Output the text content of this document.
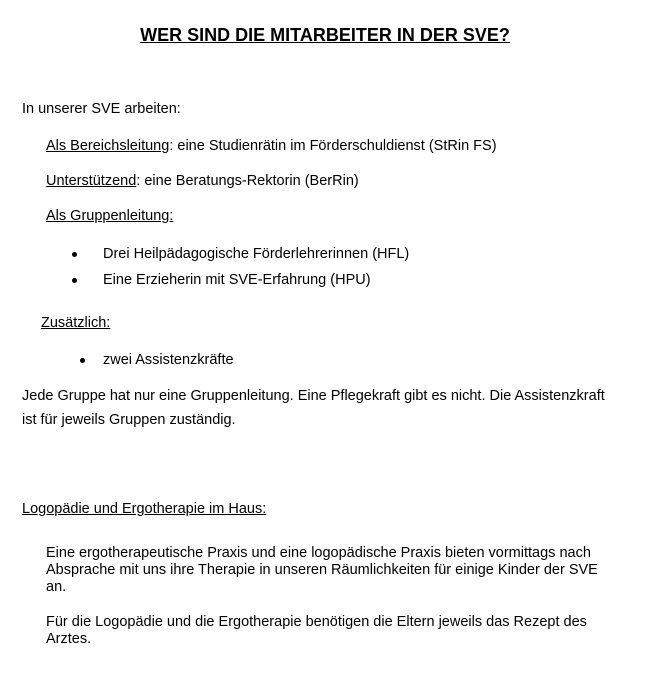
WER SIND DIE MITARBEITER IN DER SVE?
In unserer SVE arbeiten:
Als Bereichsleitung: eine Studienrätin im Förderschuldienst (StRin FS)
Unterstützend: eine Beratungs-Rektorin (BerRin)
Als Gruppenleitung:
Drei Heilpädagogische Förderlehrerinnen (HFL)
Eine Erzieherin mit SVE-Erfahrung (HPU)
Zusätzlich:
zwei Assistenzkräfte
Jede Gruppe hat nur eine Gruppenleitung. Eine Pflegekraft gibt es nicht. Die Assistenzkraft ist für jeweils Gruppen zuständig.
Logopädie und Ergotherapie im Haus:
Eine ergotherapeutische Praxis und eine logopädische Praxis bieten vormittags nach Absprache mit uns ihre Therapie in unseren Räumlichkeiten für einige Kinder der SVE an.
Für die Logopädie und die Ergotherapie benötigen die Eltern jeweils das Rezept des Arztes.
